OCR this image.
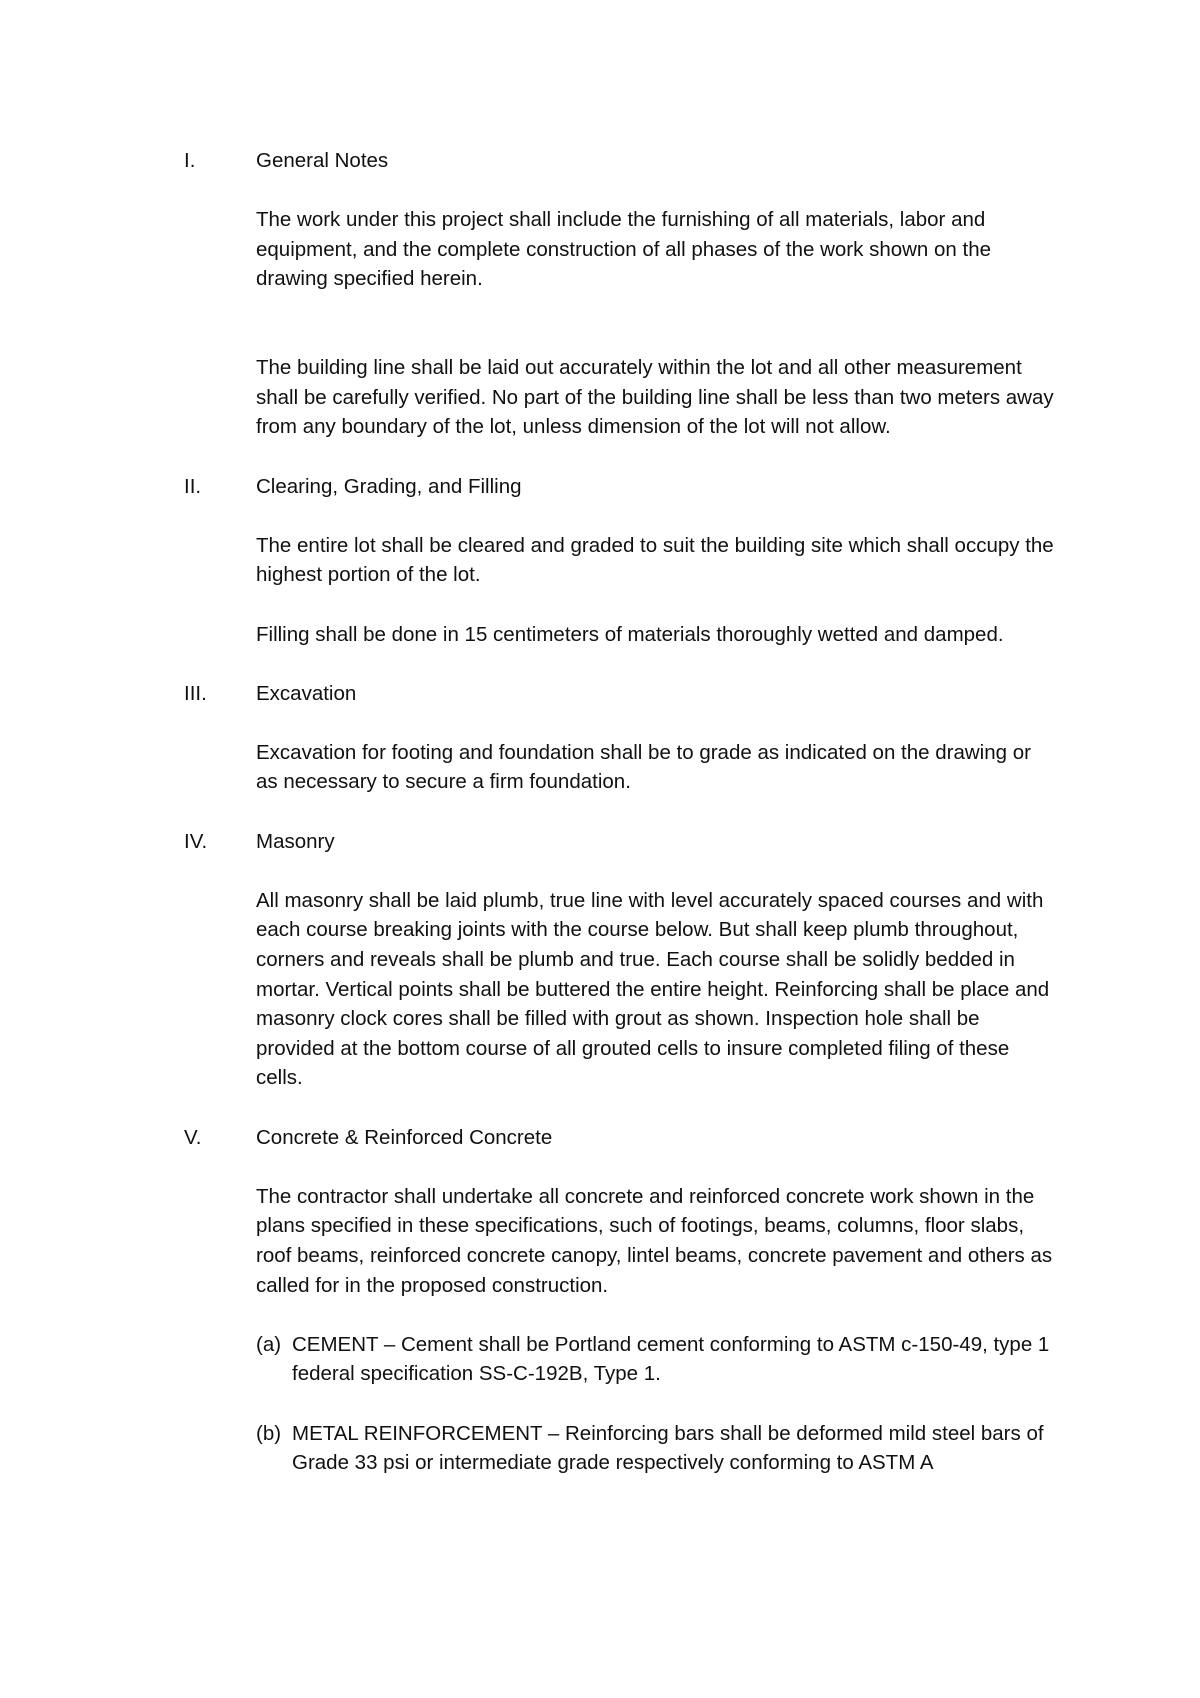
I.	General Notes

The work under this project shall include the furnishing of all materials, labor and equipment, and the complete construction of all phases of the work shown on the drawing specified herein.

The building line shall be laid out accurately within the lot and all other measurement shall be carefully verified. No part of the building line shall be less than two meters away from any boundary of the lot, unless dimension of the lot will not allow.

II.	Clearing, Grading, and Filling

The entire lot shall be cleared and graded to suit the building site which shall occupy the highest portion of the lot.

Filling shall be done in 15 centimeters of materials thoroughly wetted and damped.

III.	Excavation

Excavation for footing and foundation shall be to grade as indicated on the drawing or as necessary to secure a firm foundation.

IV.	Masonry

All masonry shall be laid plumb, true line with level accurately spaced courses and with each course breaking joints with the course below. But shall keep plumb throughout, corners and reveals shall be plumb and true. Each course shall be solidly bedded in mortar. Vertical points shall be buttered the entire height. Reinforcing shall be place and masonry clock cores shall be filled with grout as shown. Inspection hole shall be provided at the bottom course of all grouted cells to insure completed filing of these cells.

V.	Concrete & Reinforced Concrete

The contractor shall undertake all concrete and reinforced concrete work shown in the plans specified in these specifications, such of footings, beams, columns, floor slabs, roof beams, reinforced concrete canopy, lintel beams, concrete pavement and others as called for in the proposed construction.

(a) CEMENT – Cement shall be Portland cement conforming to ASTM c-150-49, type 1 federal specification SS-C-192B, Type 1.
(b) METAL REINFORCEMENT – Reinforcing bars shall be deformed mild steel bars of Grade 33 psi or intermediate grade respectively conforming to ASTM A
